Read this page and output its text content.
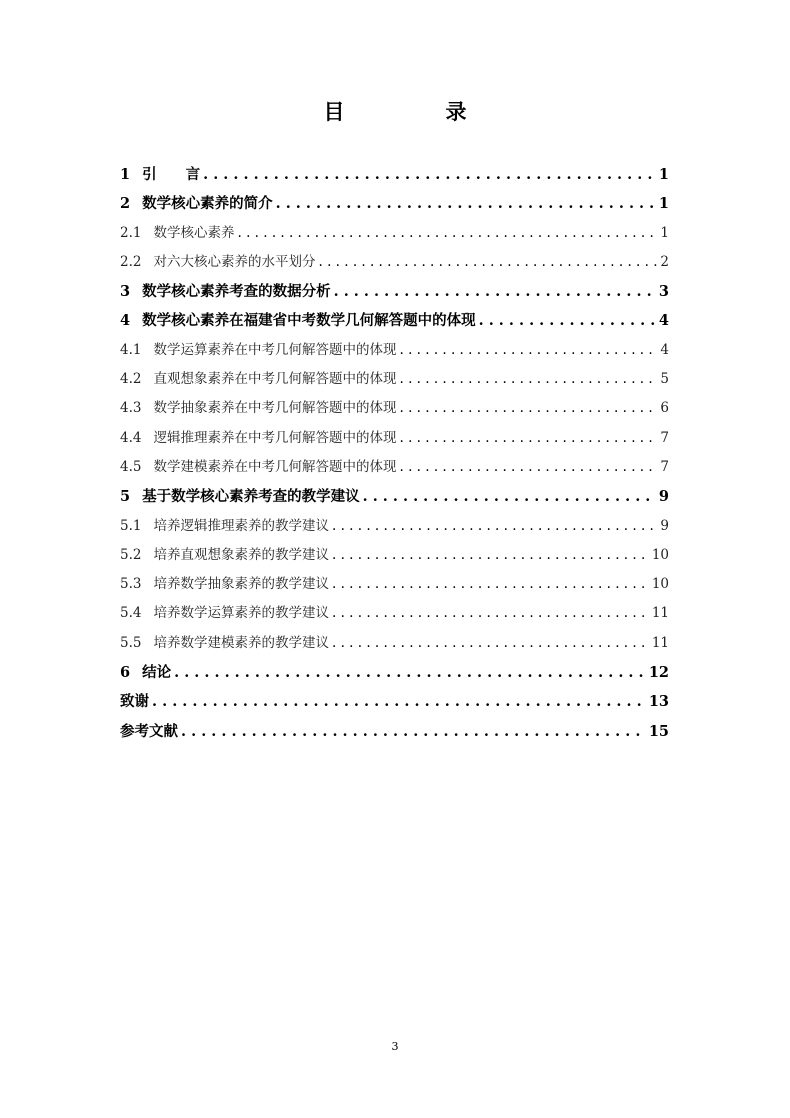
目　录
1 引　　言 . . .	1
2 数学核心素养的简介 . . .	1
2.1 数学核心素养 . . .	1
2.2 对六大核心素养的水平划分 . . .	2
3 数学核心素养考查的数据分析 . . .	3
4 数学核心素养在福建省中考数学几何解答题中的体现 . . .	4
4.1 数学运算素养在中考几何解答题中的体现 . . .	4
4.2 直观想象素养在中考几何解答题中的体现 . . .	5
4.3 数学抽象素养在中考几何解答题中的体现 . . .	6
4.4 逻辑推理素养在中考几何解答题中的体现 . . .	7
4.5 数学建模素养在中考几何解答题中的体现 . . .	7
5 基于数学核心素养考查的教学建议 . . .	9
5.1 培养逻辑推理素养的教学建议 . . .	9
5.2 培养直观想象素养的教学建议 . . .	10
5.3 培养数学抽象素养的教学建议 . . .	10
5.4 培养数学运算素养的教学建议 . . .	11
5.5 培养数学建模素养的教学建议 . . .	11
6 结论 . . .	12
致谢 . . .	13
参考文献 . . .	15
3
